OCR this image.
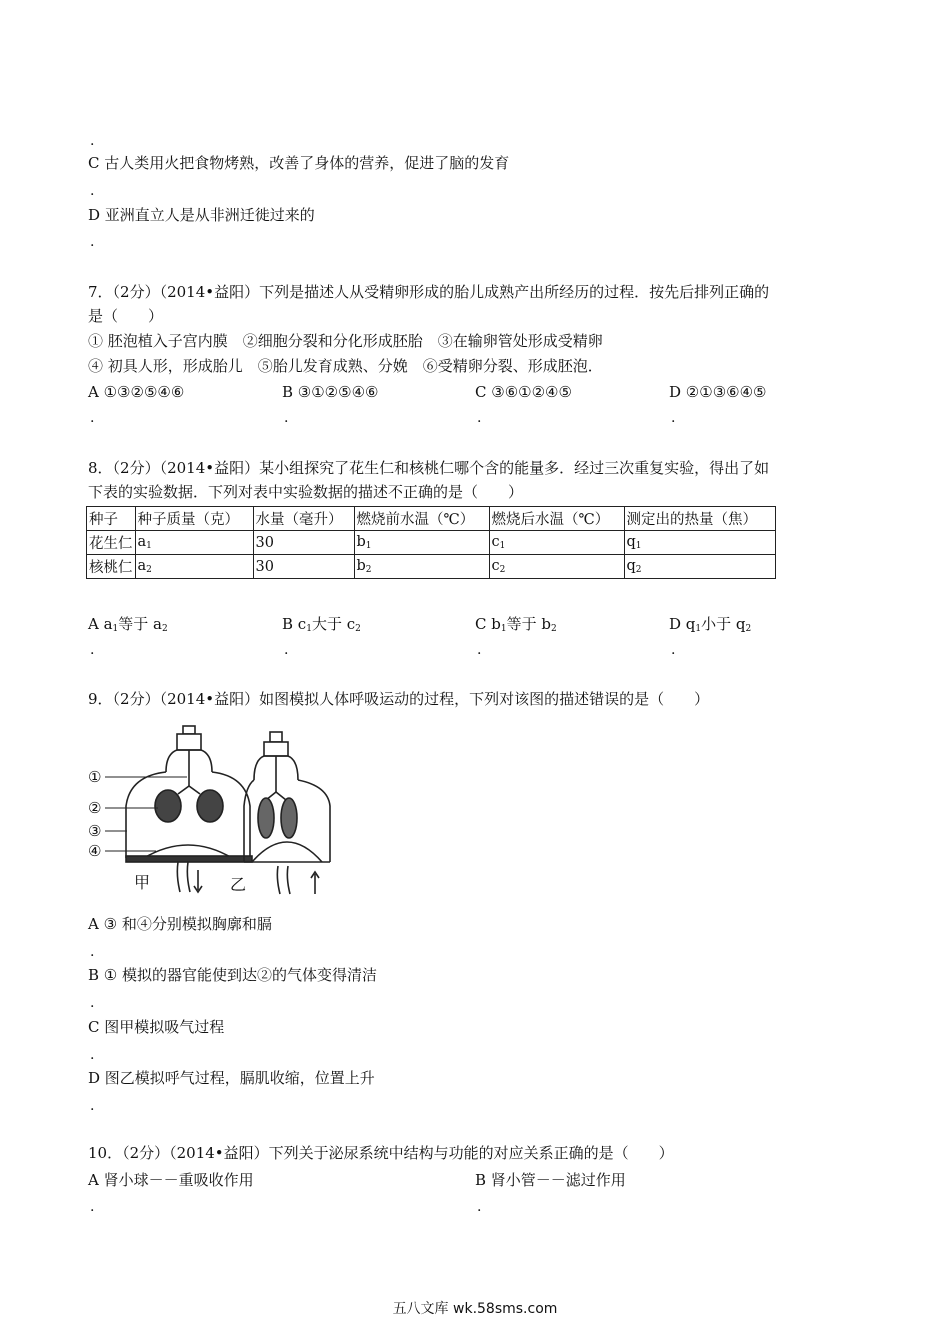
.
C 古人类用火把食物烤熟，改善了身体的营养，促进了脑的发育
.
D 亚洲直立人是从非洲迁徙过来的
.
7．（2分）（2014•益阳）下列是描述人从受精卵形成的胎儿成熟产出所经历的过程．按先后排列正确的
是（　　）
① 胚泡植入子宫内膜　②细胞分裂和分化形成胚胎　③在输卵管处形成受精卵
④ 初具人形，形成胎儿　⑤胎儿发育成熟、分娩　⑥受精卵分裂、形成胚泡．
A ①③②⑤④⑥	B ③①②⑤④⑥	C ③⑥①②④⑤	D ②①③⑥④⑤
.	.	.	.
8．（2分）（2014•益阳）某小组探究了花生仁和核桃仁哪个含的能量多．经过三次重复实验，得出了如
下表的实验数据．下列对表中实验数据的描述不正确的是（　　）
种子	种子质量（克）	水量（毫升）	燃烧前水温（℃）	燃烧后水温（℃）	测定出的热量（焦）
花生仁	$a_1$	30	$b_1$	$c_1$	$q_1$
核桃仁	$a_2$	30	$b_2$	$c_2$	$q_2$
A $a_1$等于 $a_2$	B $c_1$大于 $c_2$	C $b_1$等于 $b_2$	D $q_1$小于 $q_2$
.	.	.	.
9．（2分）（2014•益阳）如图模拟人体呼吸运动的过程，下列对该图的描述错误的是（　　）
①
②
③
④
甲	乙
A ③ 和④分别模拟胸廓和膈
.
B ① 模拟的器官能使到达②的气体变得清洁
.
C 图甲模拟吸气过程
.
D 图乙模拟呼气过程，膈肌收缩，位置上升
.
10．（2分）（2014•益阳）下列关于泌尿系统中结构与功能的对应关系正确的是（　　）
A 肾小球－－重吸收作用	B 肾小管－－滤过作用
.	.
五八文库 wk.58sms.com
